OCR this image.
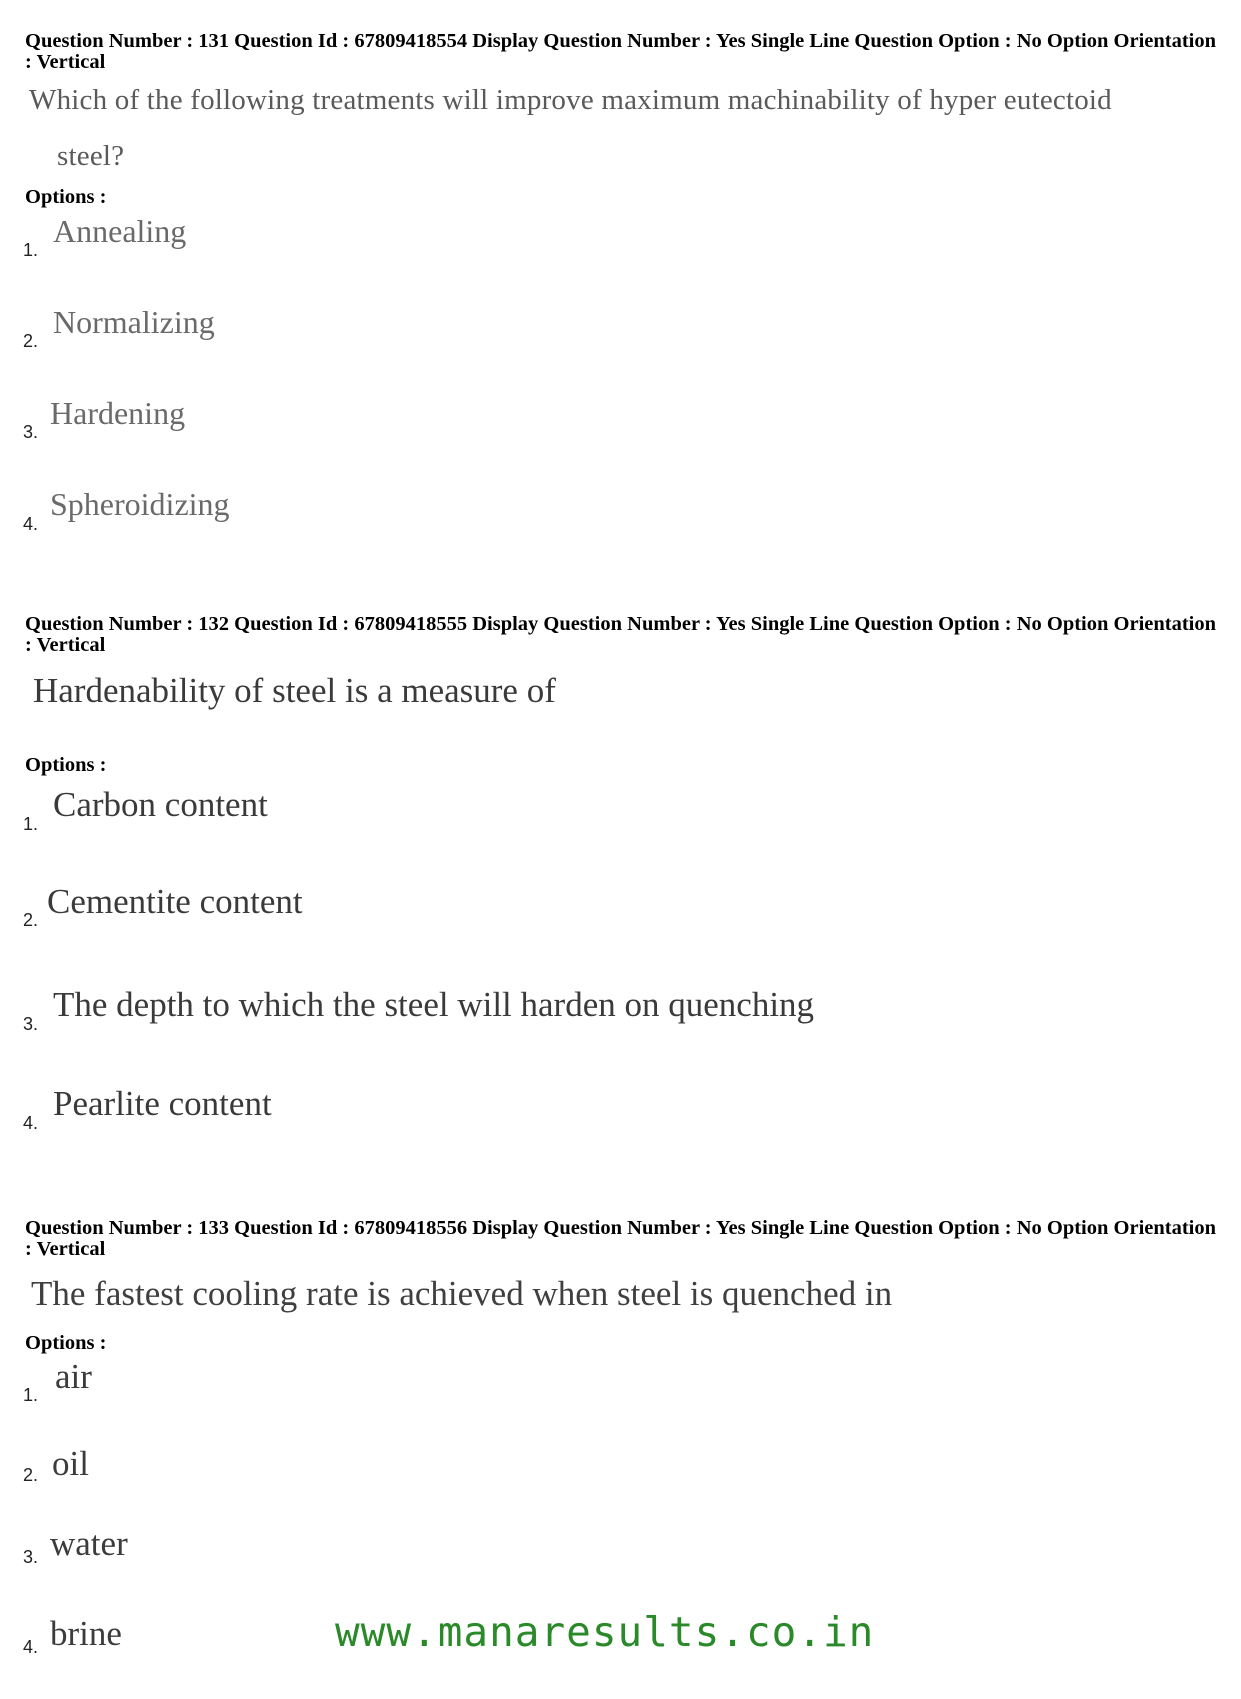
Question Number : 131 Question Id : 67809418554 Display Question Number : Yes Single Line Question Option : No Option Orientation : Vertical
Which of the following treatments will improve maximum machinability of hyper eutectoid
steel?
Options :
1.
Annealing
2.
Normalizing
3.
Hardening
4.
Spheroidizing
Question Number : 132 Question Id : 67809418555 Display Question Number : Yes Single Line Question Option : No Option Orientation : Vertical
Hardenability of steel is a measure of
Options :
1. Carbon content
2. Cementite content
3. The depth to which the steel will harden on quenching
4. Pearlite content
Question Number : 133 Question Id : 67809418556 Display Question Number : Yes Single Line Question Option : No Option Orientation : Vertical
The fastest cooling rate is achieved when steel is quenched in
Options :
1. air
2. oil
3. water
4. brine	www.manaresults.co.in
